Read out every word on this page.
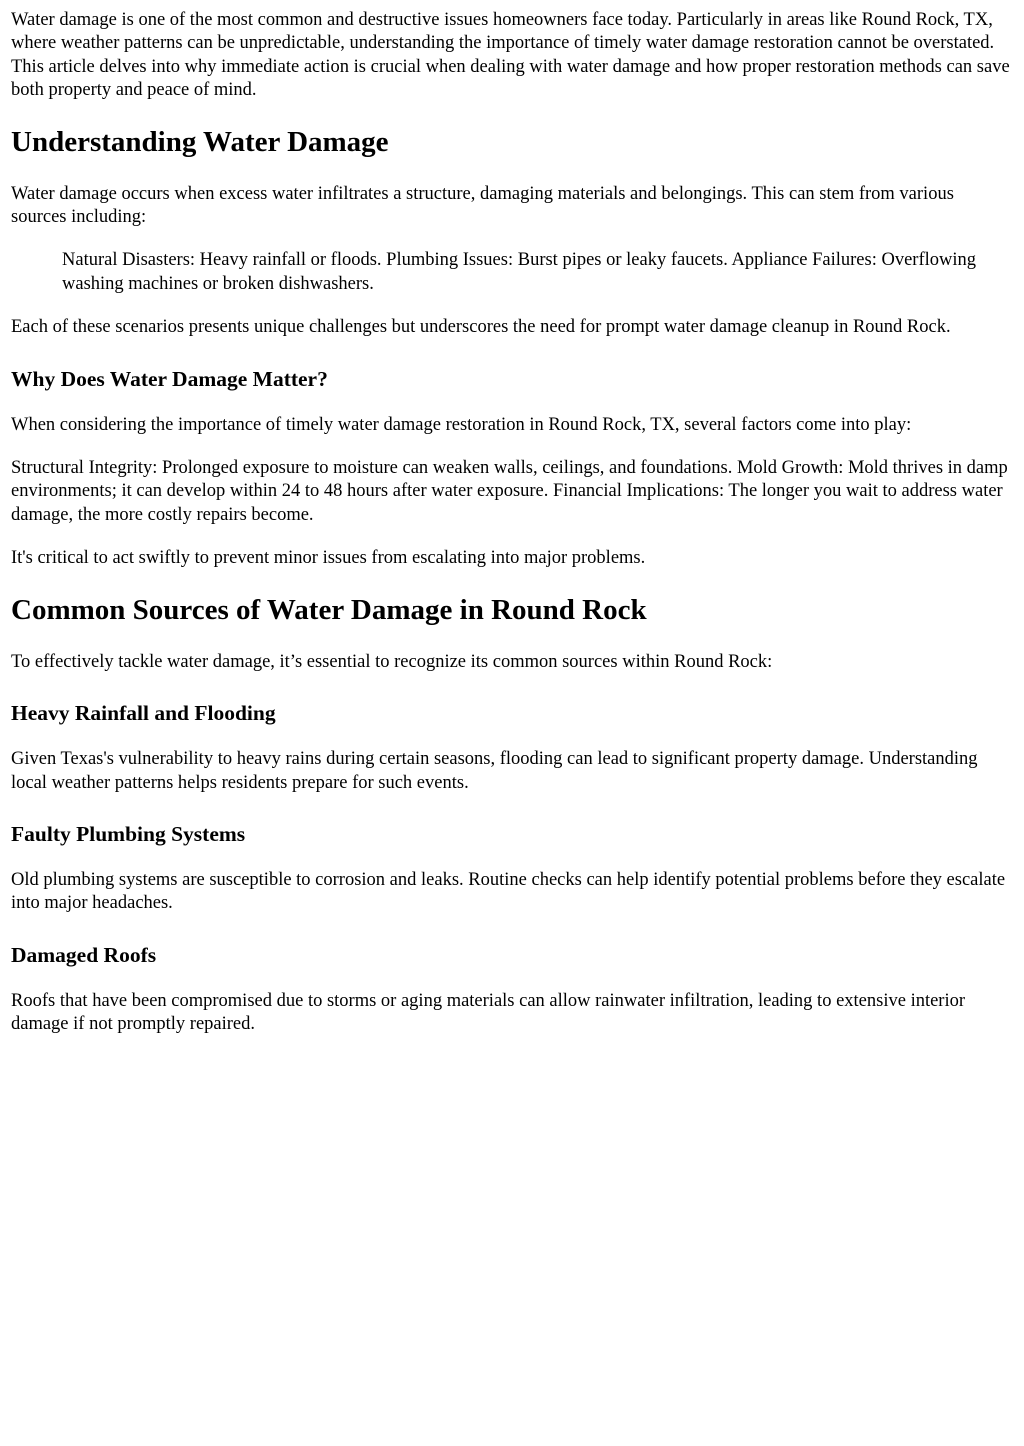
Water damage is one of the most common and destructive issues homeowners face today. Particularly in areas like Round Rock, TX, where weather patterns can be unpredictable, understanding the importance of timely water damage restoration cannot be overstated. This article delves into why immediate action is crucial when dealing with water damage and how proper restoration methods can save both property and peace of mind.

Understanding Water Damage

Water damage occurs when excess water infiltrates a structure, damaging materials and belongings. This can stem from various sources including:

Natural Disasters: Heavy rainfall or floods. Plumbing Issues: Burst pipes or leaky faucets. Appliance Failures: Overflowing washing machines or broken dishwashers.

Each of these scenarios presents unique challenges but underscores the need for prompt water damage cleanup in Round Rock.

Why Does Water Damage Matter?

When considering the importance of timely water damage restoration in Round Rock, TX, several factors come into play:

Structural Integrity: Prolonged exposure to moisture can weaken walls, ceilings, and foundations. Mold Growth: Mold thrives in damp environments; it can develop within 24 to 48 hours after water exposure. Financial Implications: The longer you wait to address water damage, the more costly repairs become.

It's critical to act swiftly to prevent minor issues from escalating into major problems.

Common Sources of Water Damage in Round Rock

To effectively tackle water damage, it’s essential to recognize its common sources within Round Rock:

Heavy Rainfall and Flooding

Given Texas's vulnerability to heavy rains during certain seasons, flooding can lead to significant property damage. Understanding local weather patterns helps residents prepare for such events.

Faulty Plumbing Systems

Old plumbing systems are susceptible to corrosion and leaks. Routine checks can help identify potential problems before they escalate into major headaches.

Damaged Roofs

Roofs that have been compromised due to storms or aging materials can allow rainwater infiltration, leading to extensive interior damage if not promptly repaired.
